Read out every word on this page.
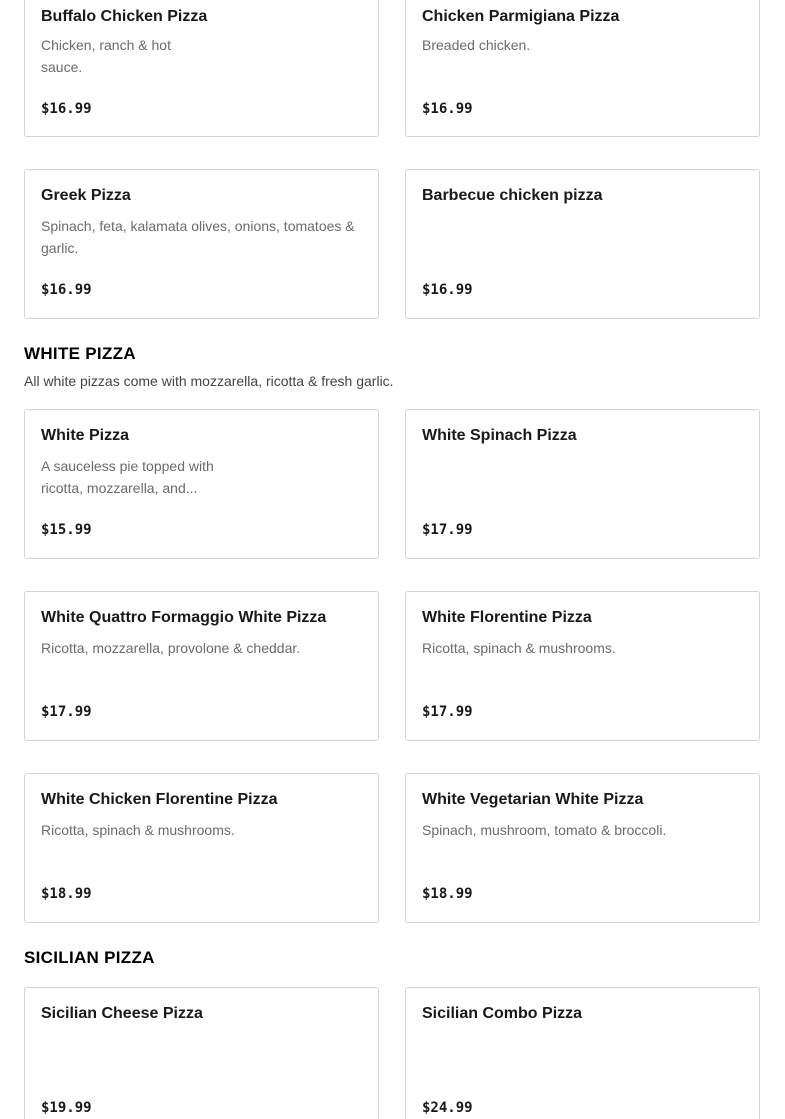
Buffalo Chicken Pizza
Chicken, ranch & hot sauce.
$16.99
Chicken Parmigiana Pizza
Breaded chicken.
$16.99
Greek Pizza
Spinach, feta, kalamata olives, onions, tomatoes & garlic.
$16.99
Barbecue chicken pizza
$16.99
WHITE PIZZA
All white pizzas come with mozzarella, ricotta & fresh garlic.
White Pizza
A sauceless pie topped with ricotta, mozzarella, and...
$15.99
White Spinach Pizza
$17.99
White Quattro Formaggio White Pizza
Ricotta, mozzarella, provolone & cheddar.
$17.99
White Florentine Pizza
Ricotta, spinach & mushrooms.
$17.99
White Chicken Florentine Pizza
Ricotta, spinach & mushrooms.
$18.99
White Vegetarian White Pizza
Spinach, mushroom, tomato & broccoli.
$18.99
SICILIAN PIZZA
Sicilian Cheese Pizza
$19.99
Sicilian Combo Pizza
$24.99
